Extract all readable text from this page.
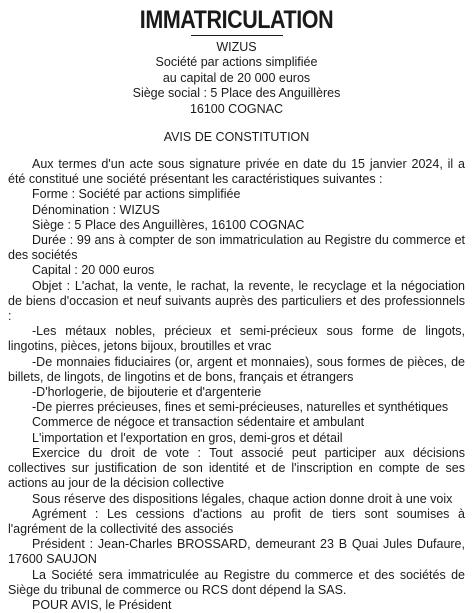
IMMATRICULATION
WIZUS
Société par actions simplifiée
au capital de 20 000 euros
Siège social : 5 Place des Anguillères
16100 COGNAC
AVIS DE CONSTITUTION

Aux termes d'un acte sous signature privée en date du 15 janvier 2024, il a été constitué une société présentant les caractéristiques suivantes :

Forme : Société par actions simplifiée

Dénomination : WIZUS

Siège : 5 Place des Anguillères, 16100 COGNAC

Durée : 99 ans à compter de son immatriculation au Registre du commerce et des sociétés

Capital : 20 000 euros

Objet : L'achat, la vente, le rachat, la revente, le recyclage et la négociation de biens d'occasion et neuf suivants auprès des particuliers et des professionnels :

-Les métaux nobles, précieux et semi-précieux sous forme de lingots, lingotins, pièces, jetons bijoux, broutilles et vrac

-De monnaies fiduciaires (or, argent et monnaies), sous formes de pièces, de billets, de lingots, de lingotins et de bons, français et étrangers

-D'horlogerie, de bijouterie et d'argenterie

-De pierres précieuses, fines et semi-précieuses, naturelles et synthétiques

Commerce de négoce et transaction sédentaire et ambulant

L'importation et l'exportation en gros, demi-gros et détail

Exercice du droit de vote : Tout associé peut participer aux décisions collectives sur justification de son identité et de l'inscription en compte de ses actions au jour de la décision collective

Sous réserve des dispositions légales, chaque action donne droit à une voix

Agrément : Les cessions d'actions au profit de tiers sont soumises à l'agrément de la collectivité des associés

Président : Jean-Charles BROSSARD, demeurant 23 B Quai Jules Dufaure, 17600 SAUJON

La Société sera immatriculée au Registre du commerce et des sociétés de Siège du tribunal de commerce ou RCS dont dépend la SAS.

POUR AVIS, le Président
